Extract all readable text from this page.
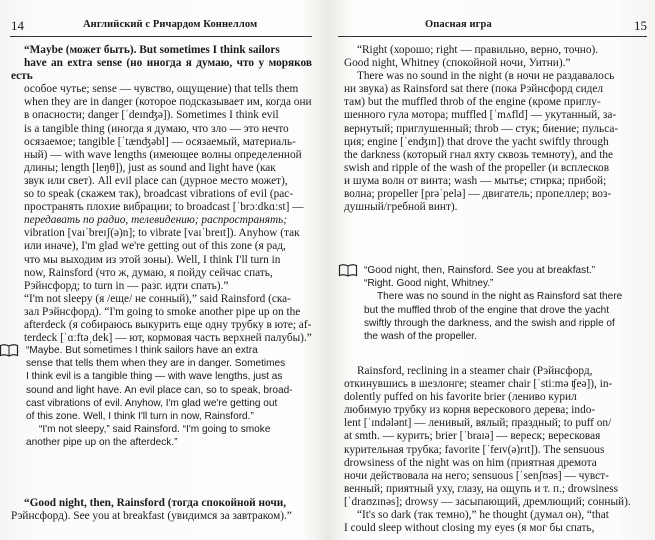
14	Английский с Ричардом Коннеллом
“Maybe (может быть). But sometimes I think sailors
have an extra sense (но иногда я думаю, что у моряков есть
особое чутье; sense — чувство, ощущение) that tells them
when they are in danger (которое подсказывает им, когда они
в опасности; danger [ˈdeɪnʤə]). Sometimes I think evil
is a tangible thing (иногда я думаю, что зло — это нечто
осязаемое; tangible [ˈtænʤəbl] — осязаемый, материаль-
ный) — with wave lengths (имеющее волны определенной
длины; length [leŋθ]), just as sound and light have (как
звук или свет). All evil place can (дурное место может),
so to speak (скажем так), broadcast vibrations of evil (рас-
пространять плохие вибрации; to broadcast [ˈbrɔːdkɑːst] —
передавать по радио, телевидению; распространять;
vibration [vaɪˈbreɪʃ(ə)n]; to vibrate [vaɪˈbreɪt]). Anyhow (так
или иначе), I'm glad we're getting out of this zone (я рад,
что мы выходим из этой зоны). Well, I think I'll turn in
now, Rainsford (что ж, думаю, я пойду сейчас спать,
Рэйнсфорд; to turn in — разг. идти спать).”
“I'm not sleepy (я /еще/ не сонный),” said Rainsford (ска-
зал Рэйнсфорд). “I'm going to smoke another pipe up on the
afterdeck (я собираюсь выкурить еще одну трубку в юте; af-
terdeck [ˈɑːftəˌdek] — ют, кормовая часть верхней палубы).”
“Maybe. But sometimes I think sailors have an extra
sense that tells them when they are in danger. Sometimes
I think evil is a tangible thing — with wave lengths, just as
sound and light have. An evil place can, so to speak, broad-
cast vibrations of evil. Anyhow, I'm glad we're getting out
of this zone. Well, I think I'll turn in now, Rainsford.”
“I'm not sleepy,” said Rainsford. “I'm going to smoke
another pipe up on the afterdeck.”
“Good night, then, Rainsford (тогда спокойной ночи,
Рэйнсфорд). See you at breakfast (увидимся за завтраком).”
Опасная игра	15
“Right (хорошо; right — правильно, верно, точно).
Good night, Whitney (спокойной ночи, Уитни).”
There was no sound in the night (в ночи не раздавалось
ни звука) as Rainsford sat there (пока Рэйнсфорд сидел
там) but the muffled throb of the engine (кроме приглу-
шенного гула мотора; muffled [ˈmʌfld] — укутанный, за-
вернутый; приглушенный; throb — стук; биение; пульса-
ция; engine [ˈenʤɪn]) that drove the yacht swiftly through
the darkness (который гнал яхту сквозь темноту), and the
swish and ripple of the wash of the propeller (и всплесков
и шума волн от винта; wash — мытье; стирка; прибой;
волна; propeller [prəˈpelə] — двигатель; пропеллер; воз-
душный/гребной винт).
“Good night, then, Rainsford. See you at breakfast.”
“Right. Good night, Whitney.”
There was no sound in the night as Rainsford sat there
but the muffled throb of the engine that drove the yacht
swiftly through the darkness, and the swish and ripple of
the wash of the propeller.
Rainsford, reclining in a steamer chair (Рэйнсфорд,
откинувшись в шезлонге; steamer chair [ˈstiːmə ʧeə]), in-
dolently puffed on his favorite brier (лениво курил
любимую трубку из корня верескового дерева; indo-
lent [ˈɪndələnt] — ленивый, вялый; праздный; to puff on/
at smth. — курить; brier [ˈbraɪə] — вереск; вересковая
курительная трубка; favorite [ˈfeɪv(ə)rɪt]). The sensuous
drowsiness of the night was on him (приятная дремота
ночи действовала на него; sensuous [ˈsenʃʊəs] — чувст-
венный; приятный уху, глазу, на ощупь и т. п.; drowsiness
[ˈdraʊzɪnəs]; drowsy — засыпающий, дремлющий; сонный).
“It's so dark (так темно),” he thought (думал он), “that
I could sleep without closing my eyes (я мог бы спать,
